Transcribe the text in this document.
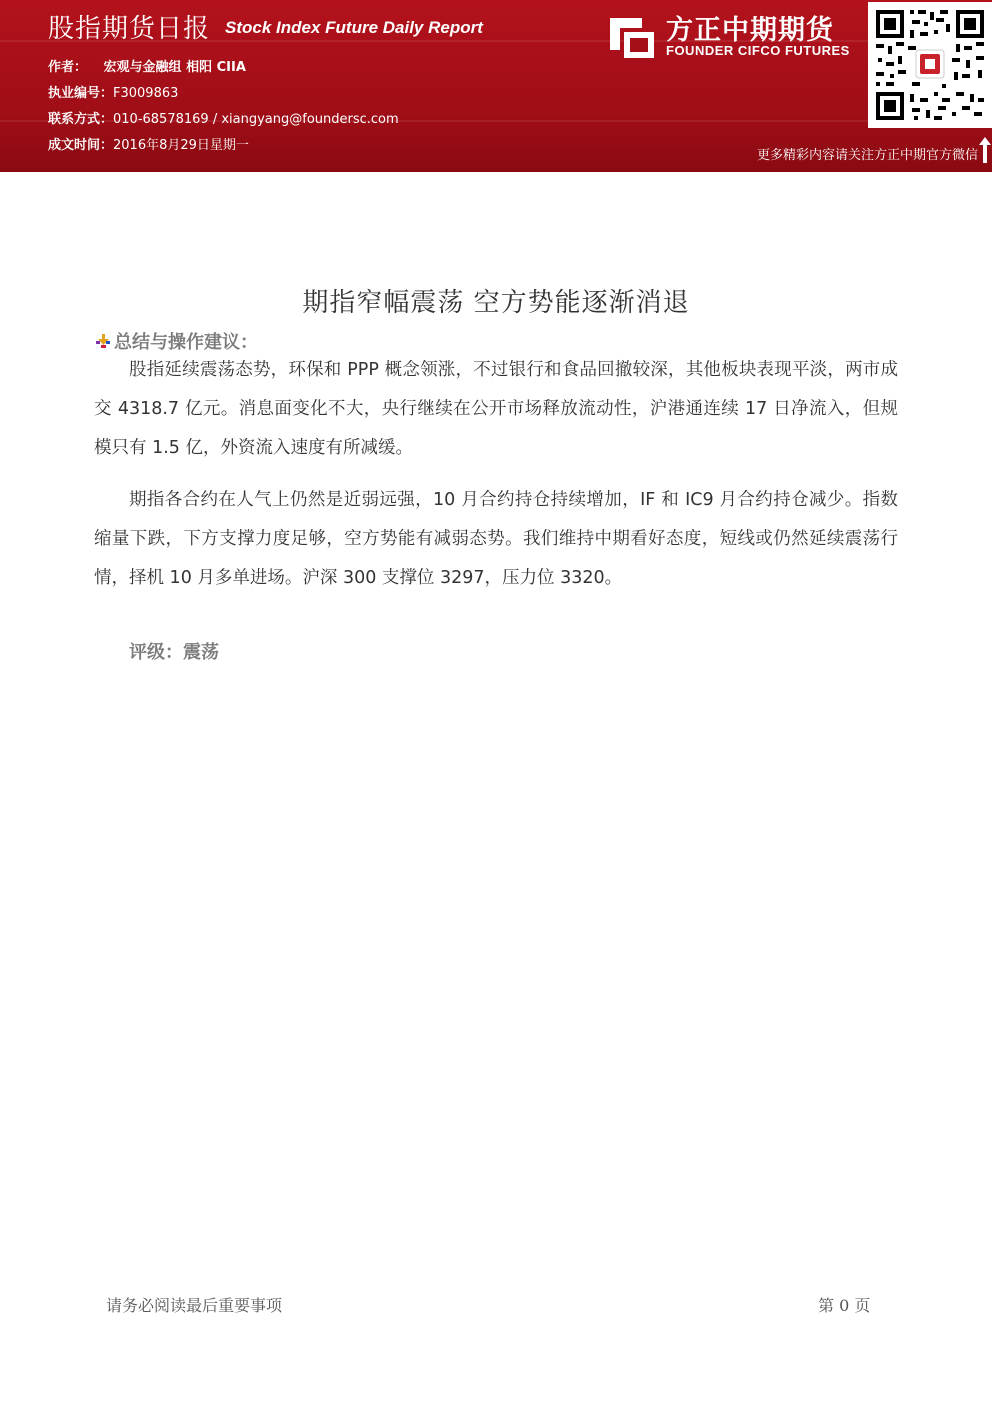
股指期货日报 Stock Index Future Daily Report
作者： 宏观与金融组 相阳 CIIA
执业编号：F3009863
联系方式：010-68578169 / xiangyang@foundersc.com
成文时间：2016年8月29日星期一
方正中期期货
FOUNDER CIFCO FUTURES
更多精彩内容请关注方正中期官方微信
期指窄幅震荡 空方势能逐渐消退
总结与操作建议：

股指延续震荡态势，环保和 PPP 概念领涨，不过银行和食品回撤较深，其他板块表现平淡，两市成交 4318.7 亿元。消息面变化不大，央行继续在公开市场释放流动性，沪港通连续 17 日净流入，但规模只有 1.5 亿，外资流入速度有所减缓。

期指各合约在人气上仍然是近弱远强，10 月合约持仓持续增加，IF 和 IC9 月合约持仓减少。指数缩量下跌，下方支撑力度足够，空方势能有减弱态势。我们维持中期看好态度，短线或仍然延续震荡行情，择机 10 月多单进场。沪深 300 支撑位 3297，压力位 3320。

评级：震荡
请务必阅读最后重要事项	第 0 页
